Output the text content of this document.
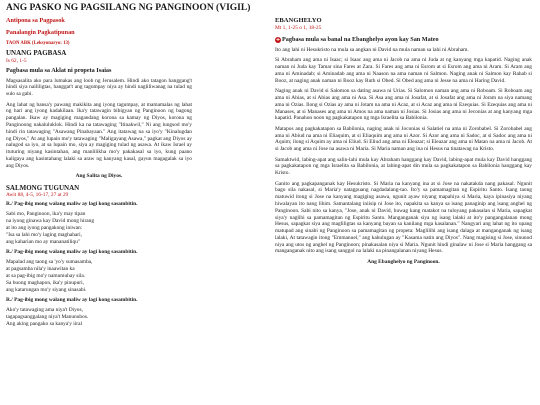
ANG PASKO NG PAGSILANG NG PANGINOON (VIGIL)
Antipona sa Pagpasok
Panalangin Pagkatipunan
TAON ABK (Leksyonaryo: 13)
UNANG PAGBASA
Is 62, 1-5
Pagbasa mula sa Aklat ni propeta Isaias

Magsasalita ako para lumakas ang loob ng Jerusalem. Hindi ako tatagon hanggang't hindi siya naililigtas, hanggat't ang tagumpay niya ay hindi nagliliwanag na tulad ng sulo sa gabi.

Ang lahat ng bansa'y pawang makikita ang iyong tagumpay, at mamamalas ng lahat ng hari ang iyong kadakilaan. Ika'y tatawagin bibigyan ng Panginoon ng bagong pangalan. Ikaw ay magiging magandang korona sa kamay ng Diyos, korona ng Panginoong nakaluluklok. Hindi ka na tatawaging "Itinakwil," Ni ang lungsod mo'y hindi rin tatawaging "Asawang Pinabayaan." Ang itatawag na sa iyo'y "Kinalugdan ng Diyos," At ang lupain mo'y tatawaging "Maligayang Asawa," pagkat ang Diyos ay nalugod sa iyo, at sa lupain mo, siya ay magiging tulad ng asawa. At ikaw Israel ay ituturing niyang kasintahan, ang manlilikha mo'y pakakasal sa iyo, kung paano kaligaya ang kasintahang lalaki sa araw ng kanyang kasal, gayun magagalak sa iyo ang Diyos.

Ang Salita ng Diyos.

SALMONG TUGUNAN
Awit 88, 4-5, 16-17, 27 at 29

R./ Pag-ibig mong walang maliw ay lagi kong sasambitin.

Sabi mo, Panginoon, ika'y may tipan
na iyong ginawa kay David mong hirang
at ito ang iyong pangakong iniwan:
"Isa sa lahi mo'y laging maghahari,
ang kaharian mo ay mananatiliqu"

R./ Pag-ibig mong walang maliw ay lagi kong sasambitin.

Mapalad ang taong sa 'yo'y sumasamba,
at pagsamba nila'y inaawitan ka
at sa pag-ibig mo'y namumuhay sila.
Sa buong maghapon, ika'y pinupuri,
ang katarungan mo'y siyang sinasabi.

R./ Pag-ibig mong walang maliw ay lagi kong sasambitin.

Ako'y tatawaging ama niya't Diyos,
tagapagsanggalang niya't Manunubos.
Ang aking pangako sa kanya'y iiral
EBANGHELYO
Mt 1, 1-25 o 1, 18-25
+ Pagbasa mula sa banal na Ebanghelyo ayon kay San Mateo

Ito ang lahi ni Hesukristo na mula sa angkan ni David na mula naman sa lahi ni Abraham.

Si Abraham ang ama ni Isaac; si Isaac ang ama ni Jacob na ama ni Juda at ng kanyang mga kapatid. Naging anak naman ni Juda kay Tamar sina Fares at Zara. Si Fares ang ama ni Esrom at si Esrom ang ama ni Aram. Si Aram ang ama ni Aminadab; si Aminadab ang ama ni Naason na ama naman ni Salmon. Naging anak ni Salmon kay Rahab si Booz, at naging anak naman ni Booz kay Ruth si Obed. Si Obed ang ama ni Jesse na ama ni Haring David.

Naging anak ni David si Salomon sa dating asawa ni Urias. Si Salomon naman ang ama ni Roboam. Si Roboam ang ama ni Abias, at si Abias ang ama ni Asa. Si Asa ang ama ni Josafat, at si Josafat ang ama ni Joram na siya namang ama ni Ozias. Ilong si Ozias ay ama ni Jotam na ama ni Acaz, at si Acaz ang ama ni Ezequias. Si Ezequias ang ama ni Manases, at si Manases ang ama ni Amos na ama naman ni Josias. Si Josias ang ama ni Jeconias at ang kanyang mga kapatid. Panahon noon ng pagkakatapon ng mga Israelita sa Babilonia.

Matapos ang pagkakatapon sa Babilonia, naging anak ni Joconias si Salatiel na ama ni Zorobabel. Si Zorobabel ang ama ni Abiud na ama ni Eliaquim, at si Eliaquim ang ama ni Azor. Si Azor ang ama ni Sadoc, at si Sadoc ang ama ni Aquim; ilong si Aquim ay ama ni Eliud. Si Eliud ang ama ni Eleazar; si Eleazar ang ama ni Matan na ama ni Jacob. At si Jacob ang ama ni Jose na asawa ni Maria. Si Maria naman ang ina ni Hesus na tinatawag na Kristo.

Samaktwid, labing-apat ang salin-lahi mula kay Abraham hanggang kay David, labing-apat mula kay David hanggang sa pagkakatapon ng mga Israelita sa Babilonia, at labing-apat din mula sa pagkakatapon sa Babilonia hanggang kay Kristo.

Ganito ang pagkapanganak kay Hesukristo. Si Maria na kanyang ina at si Jose na nakatakda nang pakasal. Ngunit bago sila nakasal, si Maria'y natagpuang nagdadalang-tao. Ito'y sa pamamagitan ng Espiritu Santo. Isang taong matuwid itong si Jose na kanyang magiging asawa, ngunit ayaw niyang mapahiya si Maria, kaya ipinasiya niyang hiwalayan ito nang lihim. Samantalang iniisip ni Jose ito, napakita sa kanya sa isang panaginip ang isang anghel ng Panginoon. Sabi nito sa kanya, "Jose, anak ni David, huwag kang matakot na tuloyang pakasalan si Maria, sapagkat siya'y naglihi sa pamamagitan ng Espiritu Santo. Manganganak siya ng isang lalaki at ito'y pangangalanan mong Hesus, sapagkat siya ang magliligtas sa kanyang bayan sa kanilang mga kasalanan." Nangyari ang lahat ng ito upang matupad ang sinabi ng Panginoon sa pamamagitan ng propeta: Maglilihi ang isang dalaga at manganganak ng isang lalaki, At tatawagin itong "Emmanuel," ang kahulugan ay "Kasama natin ang Diyos". Nang magising si Jose, sinunod niya ang utos ng anghel ng Panginoon; pinakasalan niya si Maria. Ngunit hindi ginalaw ni Jose si Maria hanggang sa manganganak nito ang isang sanggol na lalaki na pinangalanan niyang Hesus.

Ang Ebanghelyo ng Panginoon.
